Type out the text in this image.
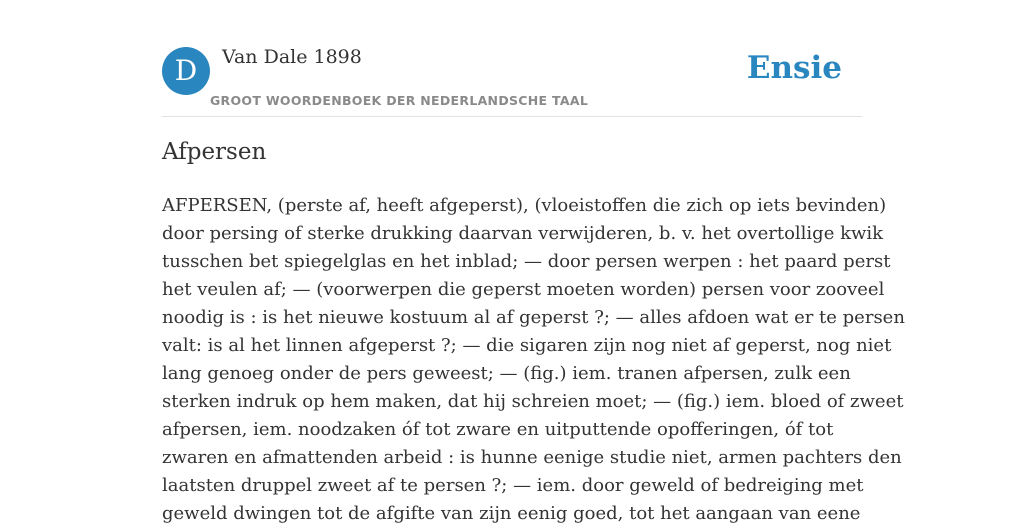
D	Van Dale 1898
GROOT WOORDENBOEK DER NEDERLANDSCHE TAAL
Ensie
Afpersen
AFPERSEN, (perste af, heeft afgeperst), (vloeistoffen die zich op iets bevinden)
door persing of sterke drukking daarvan verwijderen, b. v. het overtollige kwik
tusschen bet spiegelglas en het inblad; — door persen werpen : het paard perst
het veulen af; — (voorwerpen die geperst moeten worden) persen voor zooveel
noodig is : is het nieuwe kostuum al af geperst ?; — alles afdoen wat er te persen
valt: is al het linnen afgeperst ?; — die sigaren zijn nog niet af geperst, nog niet
lang genoeg onder de pers geweest; — (fig.) iem. tranen afpersen, zulk een
sterken indruk op hem maken, dat hij schreien moet; — (fig.) iem. bloed of zweet
afpersen, iem. noodzaken óf tot zware en uitputtende opofferingen, óf tot
zwaren en afmattenden arbeid : is hunne eenige studie niet, armen pachters den
laatsten druppel zweet af te persen ?; — iem. door geweld of bedreiging met
geweld dwingen tot de afgifte van zijn eenig goed, tot het aangaan van eene
